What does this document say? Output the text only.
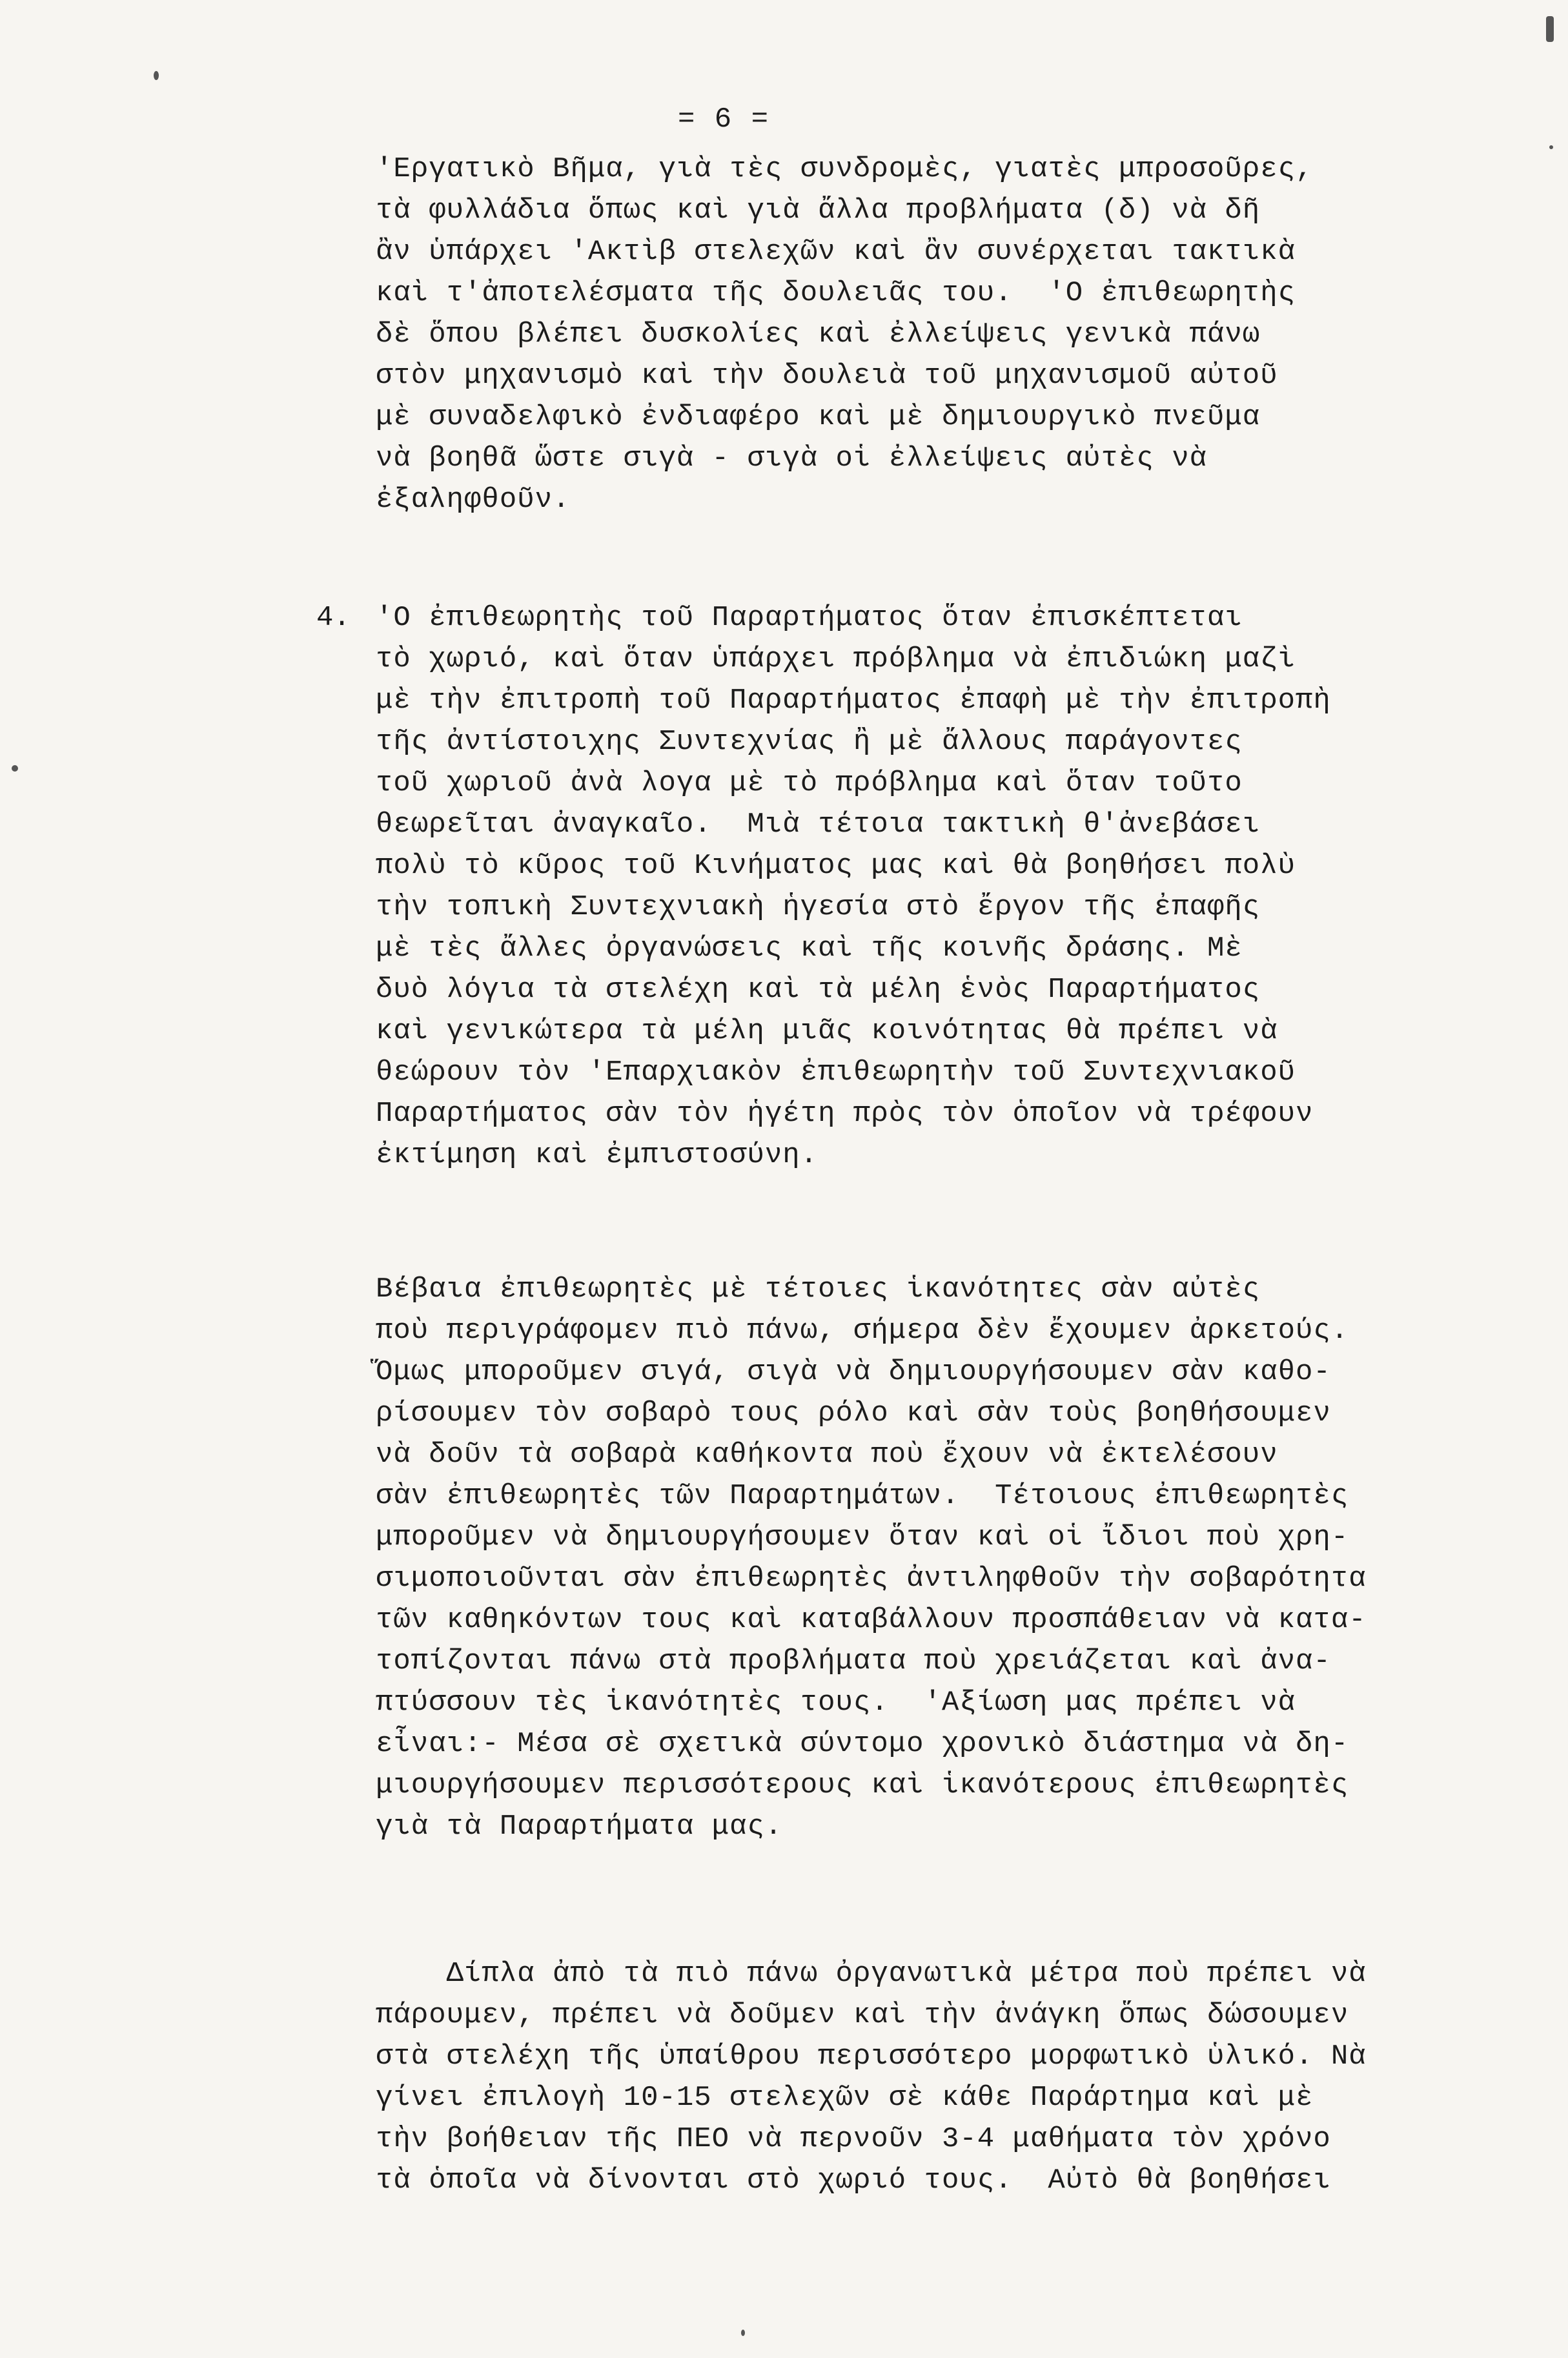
= 6 =
'Εργατικὸ Βῆμα, γιὰ τὲς συνδρομὲς, γιατὲς μπροσοῦρες,
τὰ φυλλάδια ὅπως καὶ γιὰ ἄλλα προβλήματα (δ) νὰ δῆ
ἂν ὑπάρχει 'Ακτὶβ στελεχῶν καὶ ἂν συνέρχεται τακτικὰ
καὶ τ'ἀποτελέσματα τῆς δουλειᾶς του.  'Ο ἐπιθεωρητὴς
δὲ ὅπου βλέπει δυσκολίες καὶ ἐλλείψεις γενικὰ πάνω
στὸν μηχανισμὸ καὶ τὴν δουλειὰ τοῦ μηχανισμοῦ αὐτοῦ
μὲ συναδελφικὸ ἐνδιαφέρο καὶ μὲ δημιουργικὸ πνεῦμα
νὰ βοηθᾶ ὥστε σιγὰ - σιγὰ οἱ ἐλλείψεις αὐτὲς νὰ
ἐξαληφθοῦν.
4. 'Ο ἐπιθεωρητὴς τοῦ Παραρτήματος ὅταν ἐπισκέπτεται
τὸ χωριό, καὶ ὅταν ὑπάρχει πρόβλημα νὰ ἐπιδιώκη μαζὶ
μὲ τὴν ἐπιτροπὴ τοῦ Παραρτήματος ἐπαφὴ μὲ τὴν ἐπιτροπὴ
τῆς ἀντίστοιχης Συντεχνίας ἢ μὲ ἄλλους παράγοντες
τοῦ χωριοῦ ἀνὰ λογα μὲ τὸ πρόβλημα καὶ ὅταν τοῦτο
θεωρεῖται ἀναγκαῖο.  Μιὰ τέτοια τακτικὴ θ'ἀνεβάσει
πολὺ τὸ κῦρος τοῦ Κινήματος μας καὶ θὰ βοηθήσει πολὺ
τὴν τοπικὴ Συντεχνιακὴ ἡγεσία στὸ ἔργον τῆς ἐπαφῆς
μὲ τὲς ἄλλες ὀργανώσεις καὶ τῆς κοινῆς δράσης. Μὲ
δυὸ λόγια τὰ στελέχη καὶ τὰ μέλη ἑνὸς Παραρτήματος
καὶ γενικώτερα τὰ μέλη μιᾶς κοινότητας θὰ πρέπει νὰ
θεώρουν τὸν 'Επαρχιακὸν ἐπιθεωρητὴν τοῦ Συντεχνιακοῦ
Παραρτήματος σὰν τὸν ἡγέτη πρὸς τὸν ὁποῖον νὰ τρέφουν
ἐκτίμηση καὶ ἐμπιστοσύνη.
Βέβαια ἐπιθεωρητὲς μὲ τέτοιες ἱκανότητες σὰν αὐτὲς
ποὺ περιγράφομεν πιὸ πάνω, σήμερα δὲν ἔχουμεν ἀρκετούς.
Ὅμως μποροῦμεν σιγά, σιγὰ νὰ δημιουργήσουμεν σὰν καθο-
ρίσουμεν τὸν σοβαρὸ τους ρόλο καὶ σὰν τοὺς βοηθήσουμεν
νὰ δοῦν τὰ σοβαρὰ καθήκοντα ποὺ ἔχουν νὰ ἐκτελέσουν
σὰν ἐπιθεωρητὲς τῶν Παραρτημάτων.  Τέτοιους ἐπιθεωρητὲς
μποροῦμεν νὰ δημιουργήσουμεν ὅταν καὶ οἱ ἴδιοι ποὺ χρη-
σιμοποιοῦνται σὰν ἐπιθεωρητὲς ἀντιληφθοῦν τὴν σοβαρότητα
τῶν καθηκόντων τους καὶ καταβάλλουν προσπάθειαν νὰ κατα-
τοπίζονται πάνω στὰ προβλήματα ποὺ χρειάζεται καὶ ἀνα-
πτύσσουν τὲς ἱκανότητὲς τους.  'Αξίωση μας πρέπει νὰ
εἶναι:- Μέσα σὲ σχετικὰ σύντομο χρονικὸ διάστημα νὰ δη-
μιουργήσουμεν περισσότερους καὶ ἱκανότερους ἐπιθεωρητὲς
γιὰ τὰ Παραρτήματα μας.
Δίπλα ἀπὸ τὰ πιὸ πάνω ὀργανωτικὰ μέτρα ποὺ πρέπει νὰ
πάρουμεν, πρέπει νὰ δοῦμεν καὶ τὴν ἀνάγκη ὅπως δώσουμεν
στὰ στελέχη τῆς ὑπαίθρου περισσότερο μορφωτικὸ ὑλικό. Νὰ
γίνει ἐπιλογὴ 10-15 στελεχῶν σὲ κάθε Παράρτημα καὶ μὲ
τὴν βοήθειαν τῆς ΠΕΟ νὰ περνοῦν 3-4 μαθήματα τὸν χρόνο
τὰ ὁποῖα νὰ δίνονται στὸ χωριό τους.  Αὐτὸ θὰ βοηθήσει
